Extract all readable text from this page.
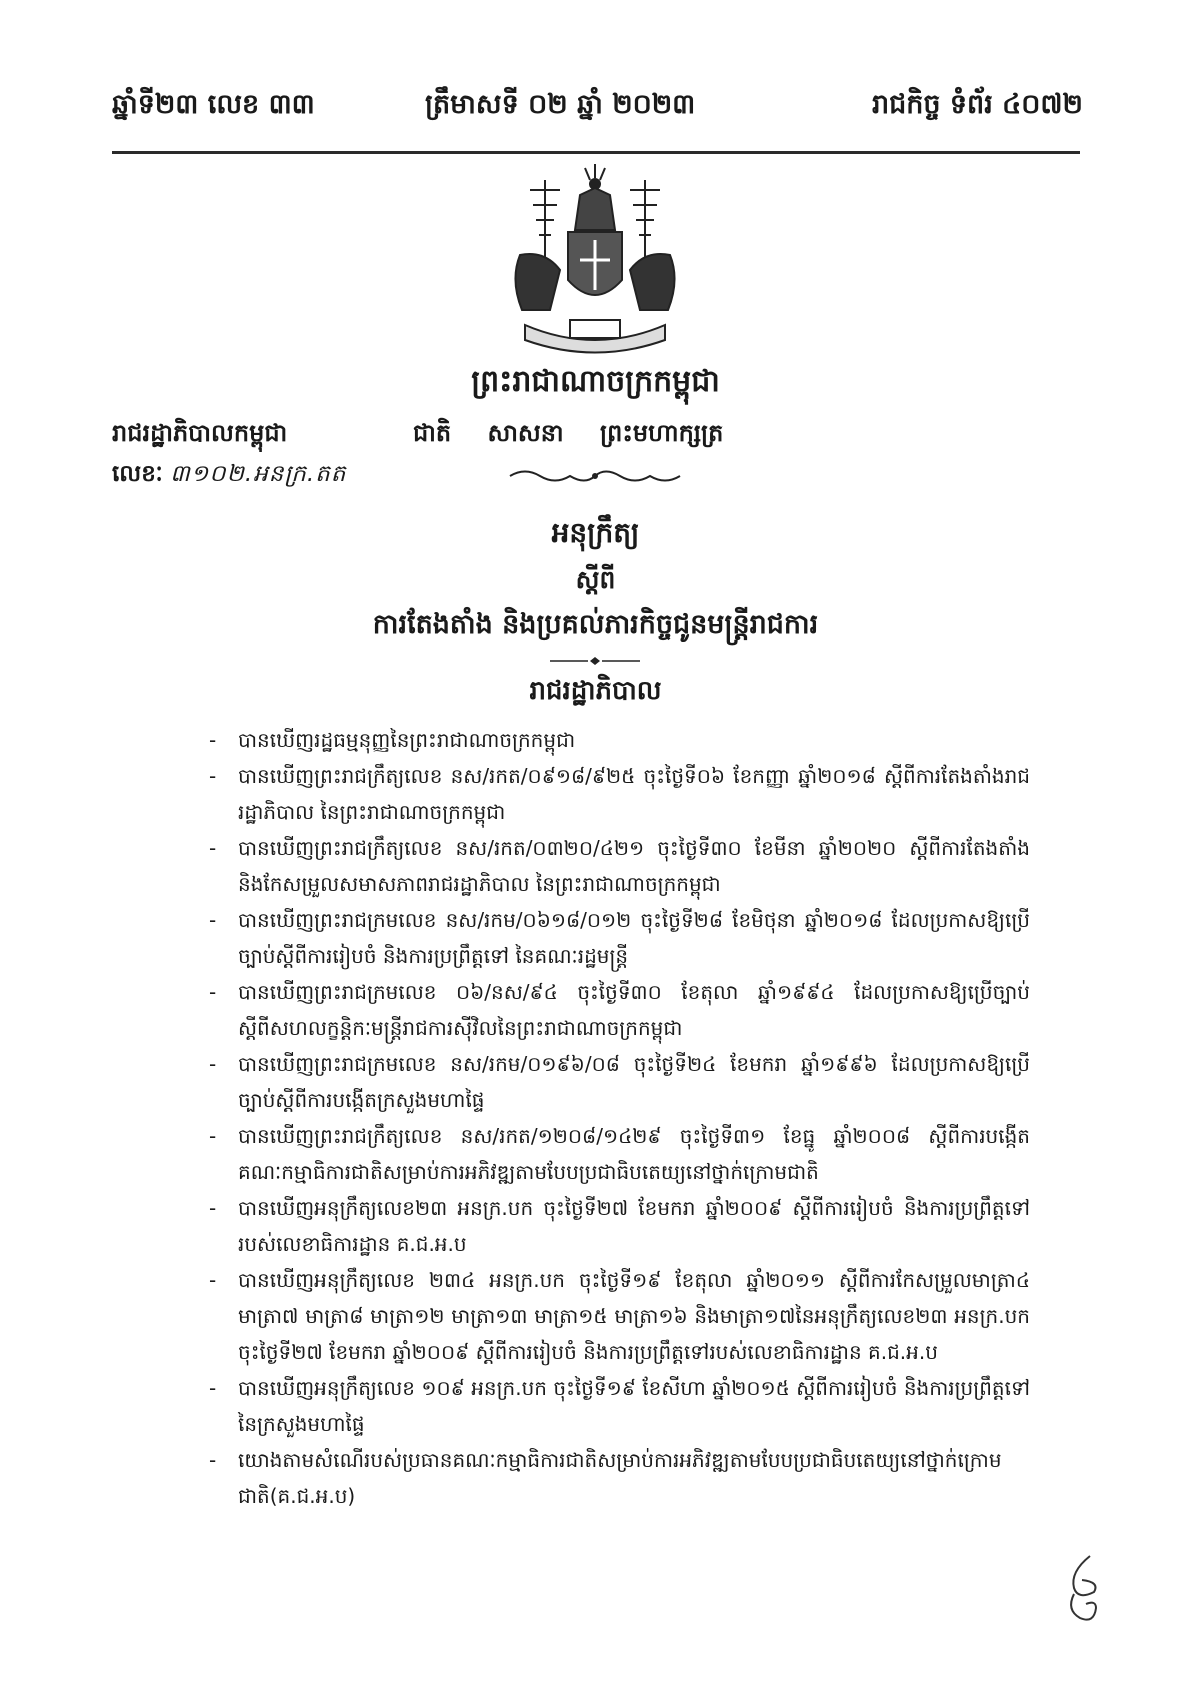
ឆ្នាំទី២៣ លេខ ៣៣	ត្រឹមាសទី ០២ ឆ្នាំ ២០២៣	រាជកិច្ច ទំព័រ ៤០៧២
ព្រះរាជាណាចក្រកម្ពុជា
រាជរដ្ឋាភិបាលកម្ពុជា	ជាតិ សាសនា ព្រះមហាក្សត្រ
លេខៈ ៣១០២.អនក្រ.តត
អនុក្រឹត្យ
ស្ដីពី
ការតែងតាំង និងប្រគល់ភារកិច្ចជូនមន្ត្រីរាជការ
រាជរដ្ឋាភិបាល
- បានឃើញរដ្ឋធម្មនុញ្ញនៃព្រះរាជាណាចក្រកម្ពុជា
- បានឃើញព្រះរាជក្រឹត្យលេខ នស/រកត/០៩១៨/៩២៥ ចុះថ្ងៃទី០៦ ខែកញ្ញា ឆ្នាំ២០១៨ ស្តីពីការតែងតាំងរាជរដ្ឋាភិបាល នៃព្រះរាជាណាចក្រកម្ពុជា
- បានឃើញព្រះរាជក្រឹត្យលេខ នស/រកត/០៣២០/៤២១ ចុះថ្ងៃទី៣០ ខែមីនា ឆ្នាំ២០២០ ស្តីពីការតែងតាំង និងកែសម្រួលសមាសភាពរាជរដ្ឋាភិបាល នៃព្រះរាជាណាចក្រកម្ពុជា
- បានឃើញព្រះរាជក្រមលេខ នស/រកម/០៦១៨/០១២ ចុះថ្ងៃទី២៨ ខែមិថុនា ឆ្នាំ២០១៨ ដែលប្រកាសឱ្យប្រើច្បាប់ស្ដីពីការរៀបចំ និងការប្រព្រឹត្តទៅ នៃគណៈរដ្ឋមន្ត្រី
- បានឃើញព្រះរាជក្រមលេខ ០៦/នស/៩៤ ចុះថ្ងៃទី៣០ ខែតុលា ឆ្នាំ១៩៩៤ ដែលប្រកាសឱ្យប្រើច្បាប់ស្ដីពីសហលក្ខន្តិកៈមន្ត្រីរាជការស៊ីវិលនៃព្រះរាជាណាចក្រកម្ពុជា
- បានឃើញព្រះរាជក្រមលេខ នស/រកម/០១៩៦/០៨ ចុះថ្ងៃទី២៤ ខែមករា ឆ្នាំ១៩៩៦ ដែលប្រកាសឱ្យប្រើច្បាប់ស្ដីពីការបង្កើតក្រសួងមហាផ្ទៃ
- បានឃើញព្រះរាជក្រឹត្យលេខ នស/រកត/១២០៨/១៤២៩ ចុះថ្ងៃទី៣១ ខែធ្នូ ឆ្នាំ២០០៨ ស្តីពីការបង្កើតគណៈកម្មាធិការជាតិសម្រាប់ការអភិវឌ្ឍតាមបែបប្រជាធិបតេយ្យនៅថ្នាក់ក្រោមជាតិ
- បានឃើញអនុក្រឹត្យលេខ២៣ អនក្រ.បក ចុះថ្ងៃទី២៧ ខែមករា ឆ្នាំ២០០៩ ស្តីពីការរៀបចំ និងការប្រព្រឹត្តទៅរបស់លេខាធិការដ្ឋាន គ.ជ.អ.ប
- បានឃើញអនុក្រឹត្យលេខ ២៣៤ អនក្រ.បក ចុះថ្ងៃទី១៩ ខែតុលា ឆ្នាំ២០១១ ស្តីពីការកែសម្រួលមាត្រា៤ មាត្រា៧ មាត្រា៨ មាត្រា១២ មាត្រា១៣ មាត្រា១៥ មាត្រា១៦ និងមាត្រា១៧នៃអនុក្រឹត្យលេខ២៣ អនក្រ.បក ចុះថ្ងៃទី២៧ ខែមករា ឆ្នាំ២០០៩ ស្តីពីការរៀបចំ និងការប្រព្រឹត្តទៅរបស់លេខាធិការដ្ឋាន គ.ជ.អ.ប
- បានឃើញអនុក្រឹត្យលេខ ១០៩ អនក្រ.បក ចុះថ្ងៃទី១៩ ខែសីហា ឆ្នាំ២០១៥ ស្តីពីការរៀបចំ និងការប្រព្រឹត្តទៅ នៃក្រសួងមហាផ្ទៃ
- យោងតាមសំណើរបស់ប្រធានគណៈកម្មាធិការជាតិសម្រាប់ការអភិវឌ្ឍតាមបែបប្រជាធិបតេយ្យនៅថ្នាក់ក្រោមជាតិ(គ.ជ.អ.ប)
